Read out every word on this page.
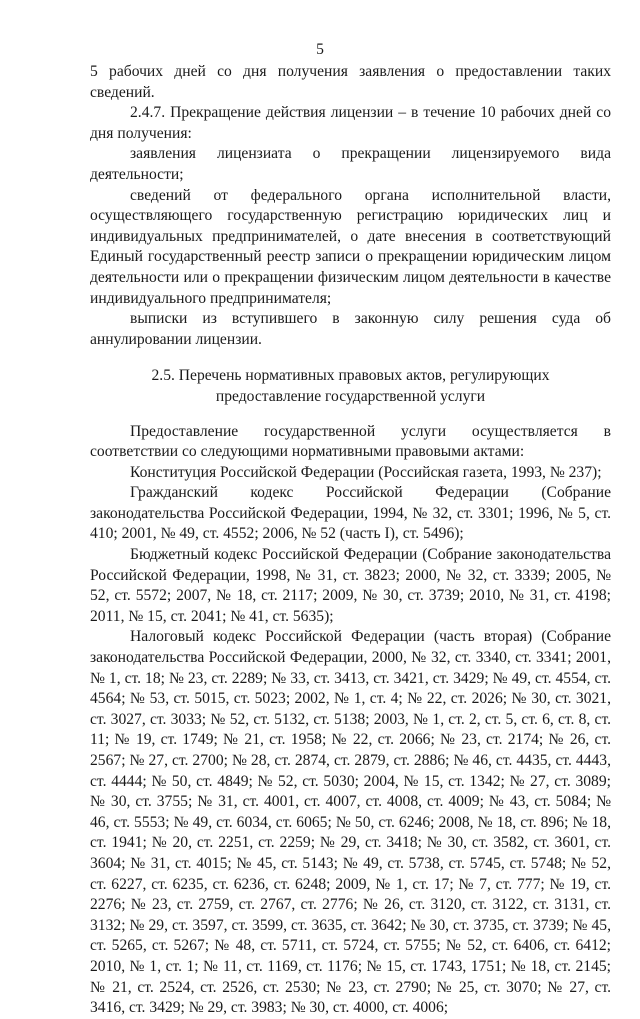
5

5 рабочих дней со дня получения заявления о предоставлении таких сведений.

2.4.7. Прекращение действия лицензии – в течение 10 рабочих дней со дня получения:

заявления лицензиата о прекращении лицензируемого вида деятельности;

сведений от федерального органа исполнительной власти, осуществляющего государственную регистрацию юридических лиц и индивидуальных предпринимателей, о дате внесения в соответствующий Единый государственный реестр записи о прекращении юридическим лицом деятельности или о прекращении физическим лицом деятельности в качестве индивидуального предпринимателя;

выписки из вступившего в законную силу решения суда об аннулировании лицензии.

2.5. Перечень нормативных правовых актов, регулирующих предоставление государственной услуги

Предоставление государственной услуги осуществляется в соответствии со следующими нормативными правовыми актами:

Конституция Российской Федерации (Российская газета, 1993, № 237);

Гражданский кодекс Российской Федерации (Собрание законодательства Российской Федерации, 1994, № 32, ст. 3301; 1996, № 5, ст. 410; 2001, № 49, ст. 4552; 2006, № 52 (часть I), ст. 5496);

Бюджетный кодекс Российской Федерации (Собрание законодательства Российской Федерации, 1998, № 31, ст. 3823; 2000, № 32, ст. 3339; 2005, № 52, ст. 5572; 2007, № 18, ст. 2117; 2009, № 30, ст. 3739; 2010, № 31, ст. 4198; 2011, № 15, ст. 2041; № 41, ст. 5635);

Налоговый кодекс Российской Федерации (часть вторая) (Собрание законодательства Российской Федерации, 2000, № 32, ст. 3340, ст. 3341; 2001, № 1, ст. 18; № 23, ст. 2289; № 33, ст. 3413, ст. 3421, ст. 3429; № 49, ст. 4554, ст. 4564; № 53, ст. 5015, ст. 5023; 2002, № 1, ст. 4; № 22, ст. 2026; № 30, ст. 3021, ст. 3027, ст. 3033; № 52, ст. 5132, ст. 5138; 2003, № 1, ст. 2, ст. 5, ст. 6, ст. 8, ст. 11; № 19, ст. 1749; № 21, ст. 1958; № 22, ст. 2066; № 23, ст. 2174; № 26, ст. 2567; № 27, ст. 2700; № 28, ст. 2874, ст. 2879, ст. 2886; № 46, ст. 4435, ст. 4443, ст. 4444; № 50, ст. 4849; № 52, ст. 5030; 2004, № 15, ст. 1342; № 27, ст. 3089; № 30, ст. 3755; № 31, ст. 4001, ст. 4007, ст. 4008, ст. 4009; № 43, ст. 5084; № 46, ст. 5553; № 49, ст. 6034, ст. 6065; № 50, ст. 6246; 2008, № 18, ст. 896; № 18, ст. 1941; № 20, ст. 2251, ст. 2259; № 29, ст. 3418; № 30, ст. 3582, ст. 3601, ст. 3604; № 31, ст. 4015; № 45, ст. 5143; № 49, ст. 5738, ст. 5745, ст. 5748; № 52, ст. 6227, ст. 6235, ст. 6236, ст. 6248; 2009, № 1, ст. 17; № 7, ст. 777; № 19, ст. 2276; № 23, ст. 2759, ст. 2767, ст. 2776; № 26, ст. 3120, ст. 3122, ст. 3131, ст. 3132; № 29, ст. 3597, ст. 3599, ст. 3635, ст. 3642; № 30, ст. 3735, ст. 3739; № 45, ст. 5265, ст. 5267; № 48, ст. 5711, ст. 5724, ст. 5755; № 52, ст. 6406, ст. 6412; 2010, № 1, ст. 1; № 11, ст. 1169, ст. 1176; № 15, ст. 1743, 1751; № 18, ст. 2145; № 21, ст. 2524, ст. 2526, ст. 2530; № 23, ст. 2790; № 25, ст. 3070; № 27, ст. 3416, ст. 3429; № 29, ст. 3983; № 30, ст. 4000, ст. 4006;
